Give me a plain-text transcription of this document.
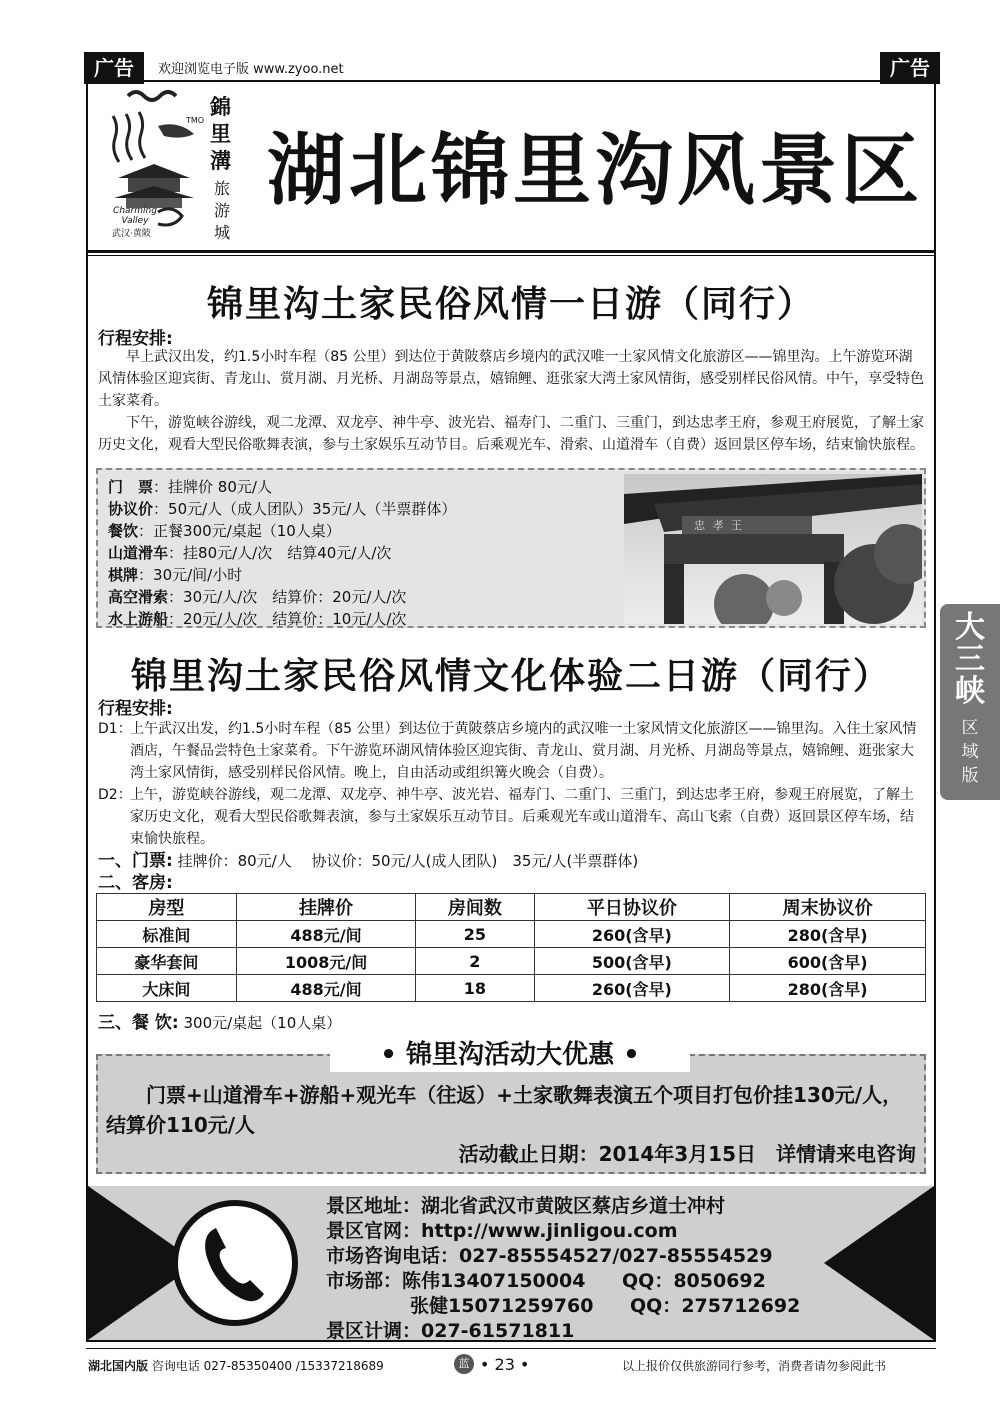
广告	欢迎浏览电子版 www.zyoo.net	广告
TMO
Charming
Valley
武汉·黄陂
錦里溝
旅游城
湖北锦里沟风景区
锦里沟土家民俗风情一日游（同行）
行程安排:
早上武汉出发，约1.5小时车程（85 公里）到达位于黄陂蔡店乡境内的武汉唯一土家风情文化旅游区——锦里沟。上午游览环湖风情体验区迎宾街、青龙山、赏月湖、月光桥、月湖岛等景点，嬉锦鲤、逛张家大湾土家风情街，感受别样民俗风情。中午，享受特色土家菜肴。
下午，游览峡谷游线，观二龙潭、双龙亭、神牛亭、波光岩、福寿门、二重门、三重门，到达忠孝王府，参观王府展览，了解土家历史文化，观看大型民俗歌舞表演，参与土家娱乐互动节目。后乘观光车、滑索、山道滑车（自费）返回景区停车场，结束愉快旅程。
门　票：挂牌价 80元/人
协议价：50元/人（成人团队）35元/人（半票群体）
餐饮：正餐300元/桌起（10人桌）
山道滑车：挂80元/人/次　结算40元/人/次
棋牌：30元/间/小时
高空滑索：30元/人/次　结算价：20元/人/次
水上游船：20元/人/次　结算价：10元/人/次
忠 孝 王
锦里沟土家民俗风情文化体验二日游（同行）
行程安排:
D1：
上午武汉出发，约1.5小时车程（85 公里）到达位于黄陂蔡店乡境内的武汉唯一土家风情文化旅游区——锦里沟。入住土家风情酒店，午餐品尝特色土家菜肴。下午游览环湖风情体验区迎宾街、青龙山、赏月湖、月光桥、月湖岛等景点，嬉锦鲤、逛张家大湾土家风情街，感受别样民俗风情。晚上，自由活动或组织篝火晚会（自费）。
D2：
上午，游览峡谷游线，观二龙潭、双龙亭、神牛亭、波光岩、福寿门、二重门、三重门，到达忠孝王府，参观王府展览，了解土家历史文化，观看大型民俗歌舞表演，参与土家娱乐互动节目。后乘观光车或山道滑车、高山飞索（自费）返回景区停车场，结束愉快旅程。
一、门票: 挂牌价：80元/人　 协议价：50元/人(成人团队)　35元/人(半票群体)
二、客房:
房型	挂牌价	房间数	平日协议价	周末协议价
标准间	488元/间	25	260(含早)	280(含早)
豪华套间	1008元/间	2	500(含早)	600(含早)
大床间	488元/间	18	260(含早)	280(含早)
三、餐 饮: 300元/桌起（10人桌）
• 锦里沟活动大优惠 •
门票+山道滑车+游船+观光车（往返）+土家歌舞表演五个项目打包价挂130元/人，结算价110元/人
活动截止日期：2014年3月15日　详情请来电咨询
景区地址：湖北省武汉市黄陂区蔡店乡道士冲村
景区官网：http://www.jinligou.com
市场咨询电话：027-85554527/027-85554529
市场部：陈伟13407150004 QQ：8050692
张健15071259760 QQ：275712692
景区计调：027-61571811
大
三
峡
区
域
版
湖北国内版 咨询电话 027-85350400 /15337218689	蓝 • 23 •	以上报价仅供旅游同行参考，消费者请勿参阅此书
